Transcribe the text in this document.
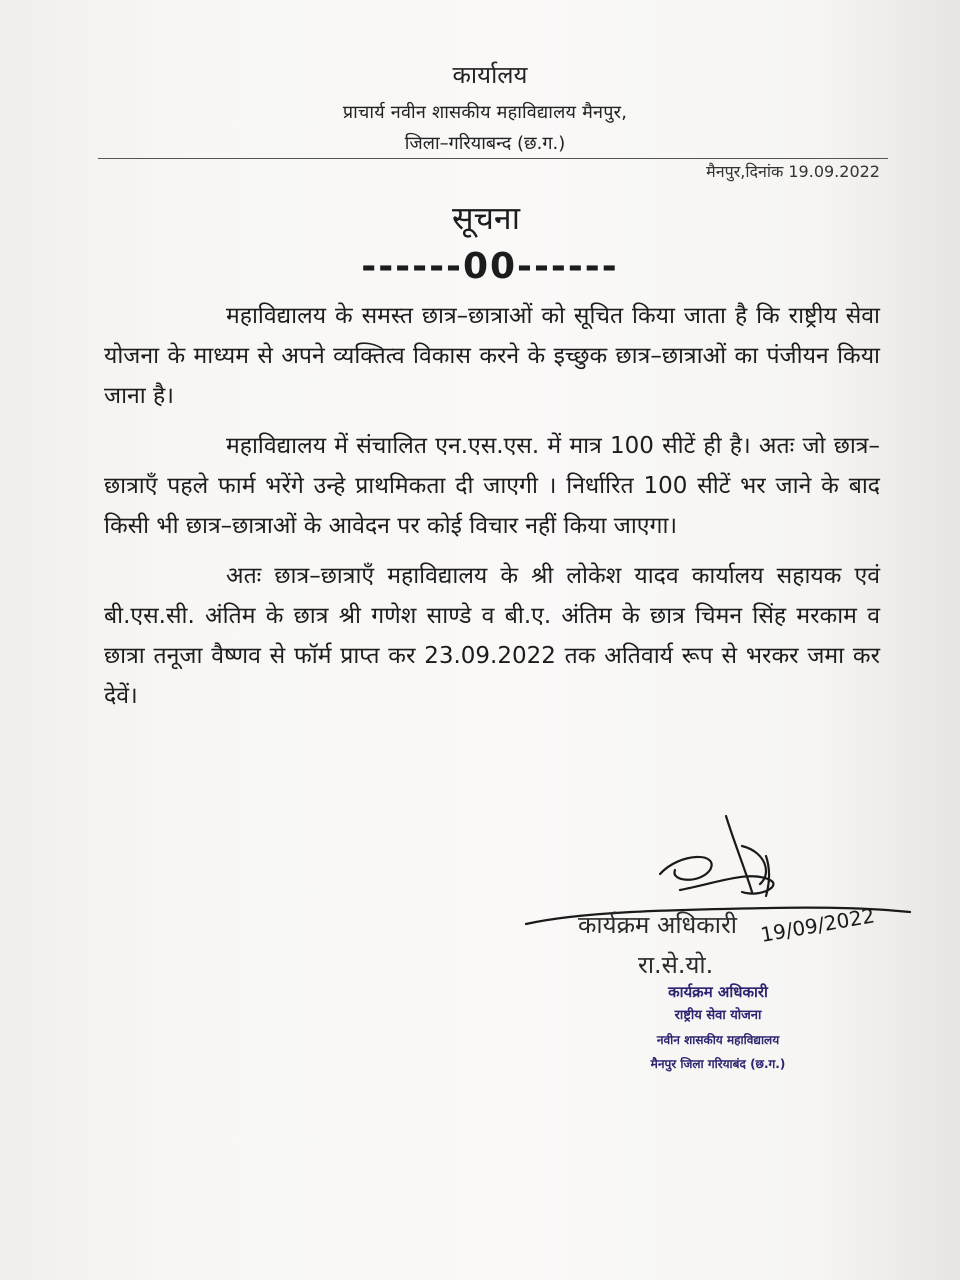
कार्यालय
प्राचार्य नवीन शासकीय महाविद्यालय मैनपुर,
जिला–गरियाबन्द (छ.ग.)
मैनपुर,दिनांक 19.09.2022
सूचना
------00------

महाविद्यालय के समस्त छात्र–छात्राओं को सूचित किया जाता है कि राष्ट्रीय सेवा योजना के माध्यम से अपने व्यक्तित्व विकास करने के इच्छुक छात्र–छात्राओं का पंजीयन किया जाना है।

महाविद्यालय में संचालित एन.एस.एस. में मात्र 100 सीटें ही है। अतः जो छात्र–छात्राएँ पहले फार्म भरेंगे उन्हे प्राथमिकता दी जाएगी । निर्धारित 100 सीटें भर जाने के बाद किसी भी छात्र–छात्राओं के आवेदन पर कोई विचार नहीं किया जाएगा।

अतः छात्र–छात्राएँ महाविद्यालय के श्री लोकेश यादव कार्यालय सहायक एवं बी.एस.सी. अंतिम के छात्र श्री गणेश साण्डे व बी.ए. अंतिम के छात्र चिमन सिंह मरकाम व छात्रा तनूजा वैष्णव से फॉर्म प्राप्त कर 23.09.2022 तक अतिवार्य रूप से भरकर जमा कर देवें।

19/09/2022
कार्यक्रम अधिकारी
रा.से.यो.
कार्यक्रम अधिकारी
राष्ट्रीय सेवा योजना
नवीन शासकीय महाविद्यालय
मैनपुर जिला गरियाबंद (छ.ग.)
